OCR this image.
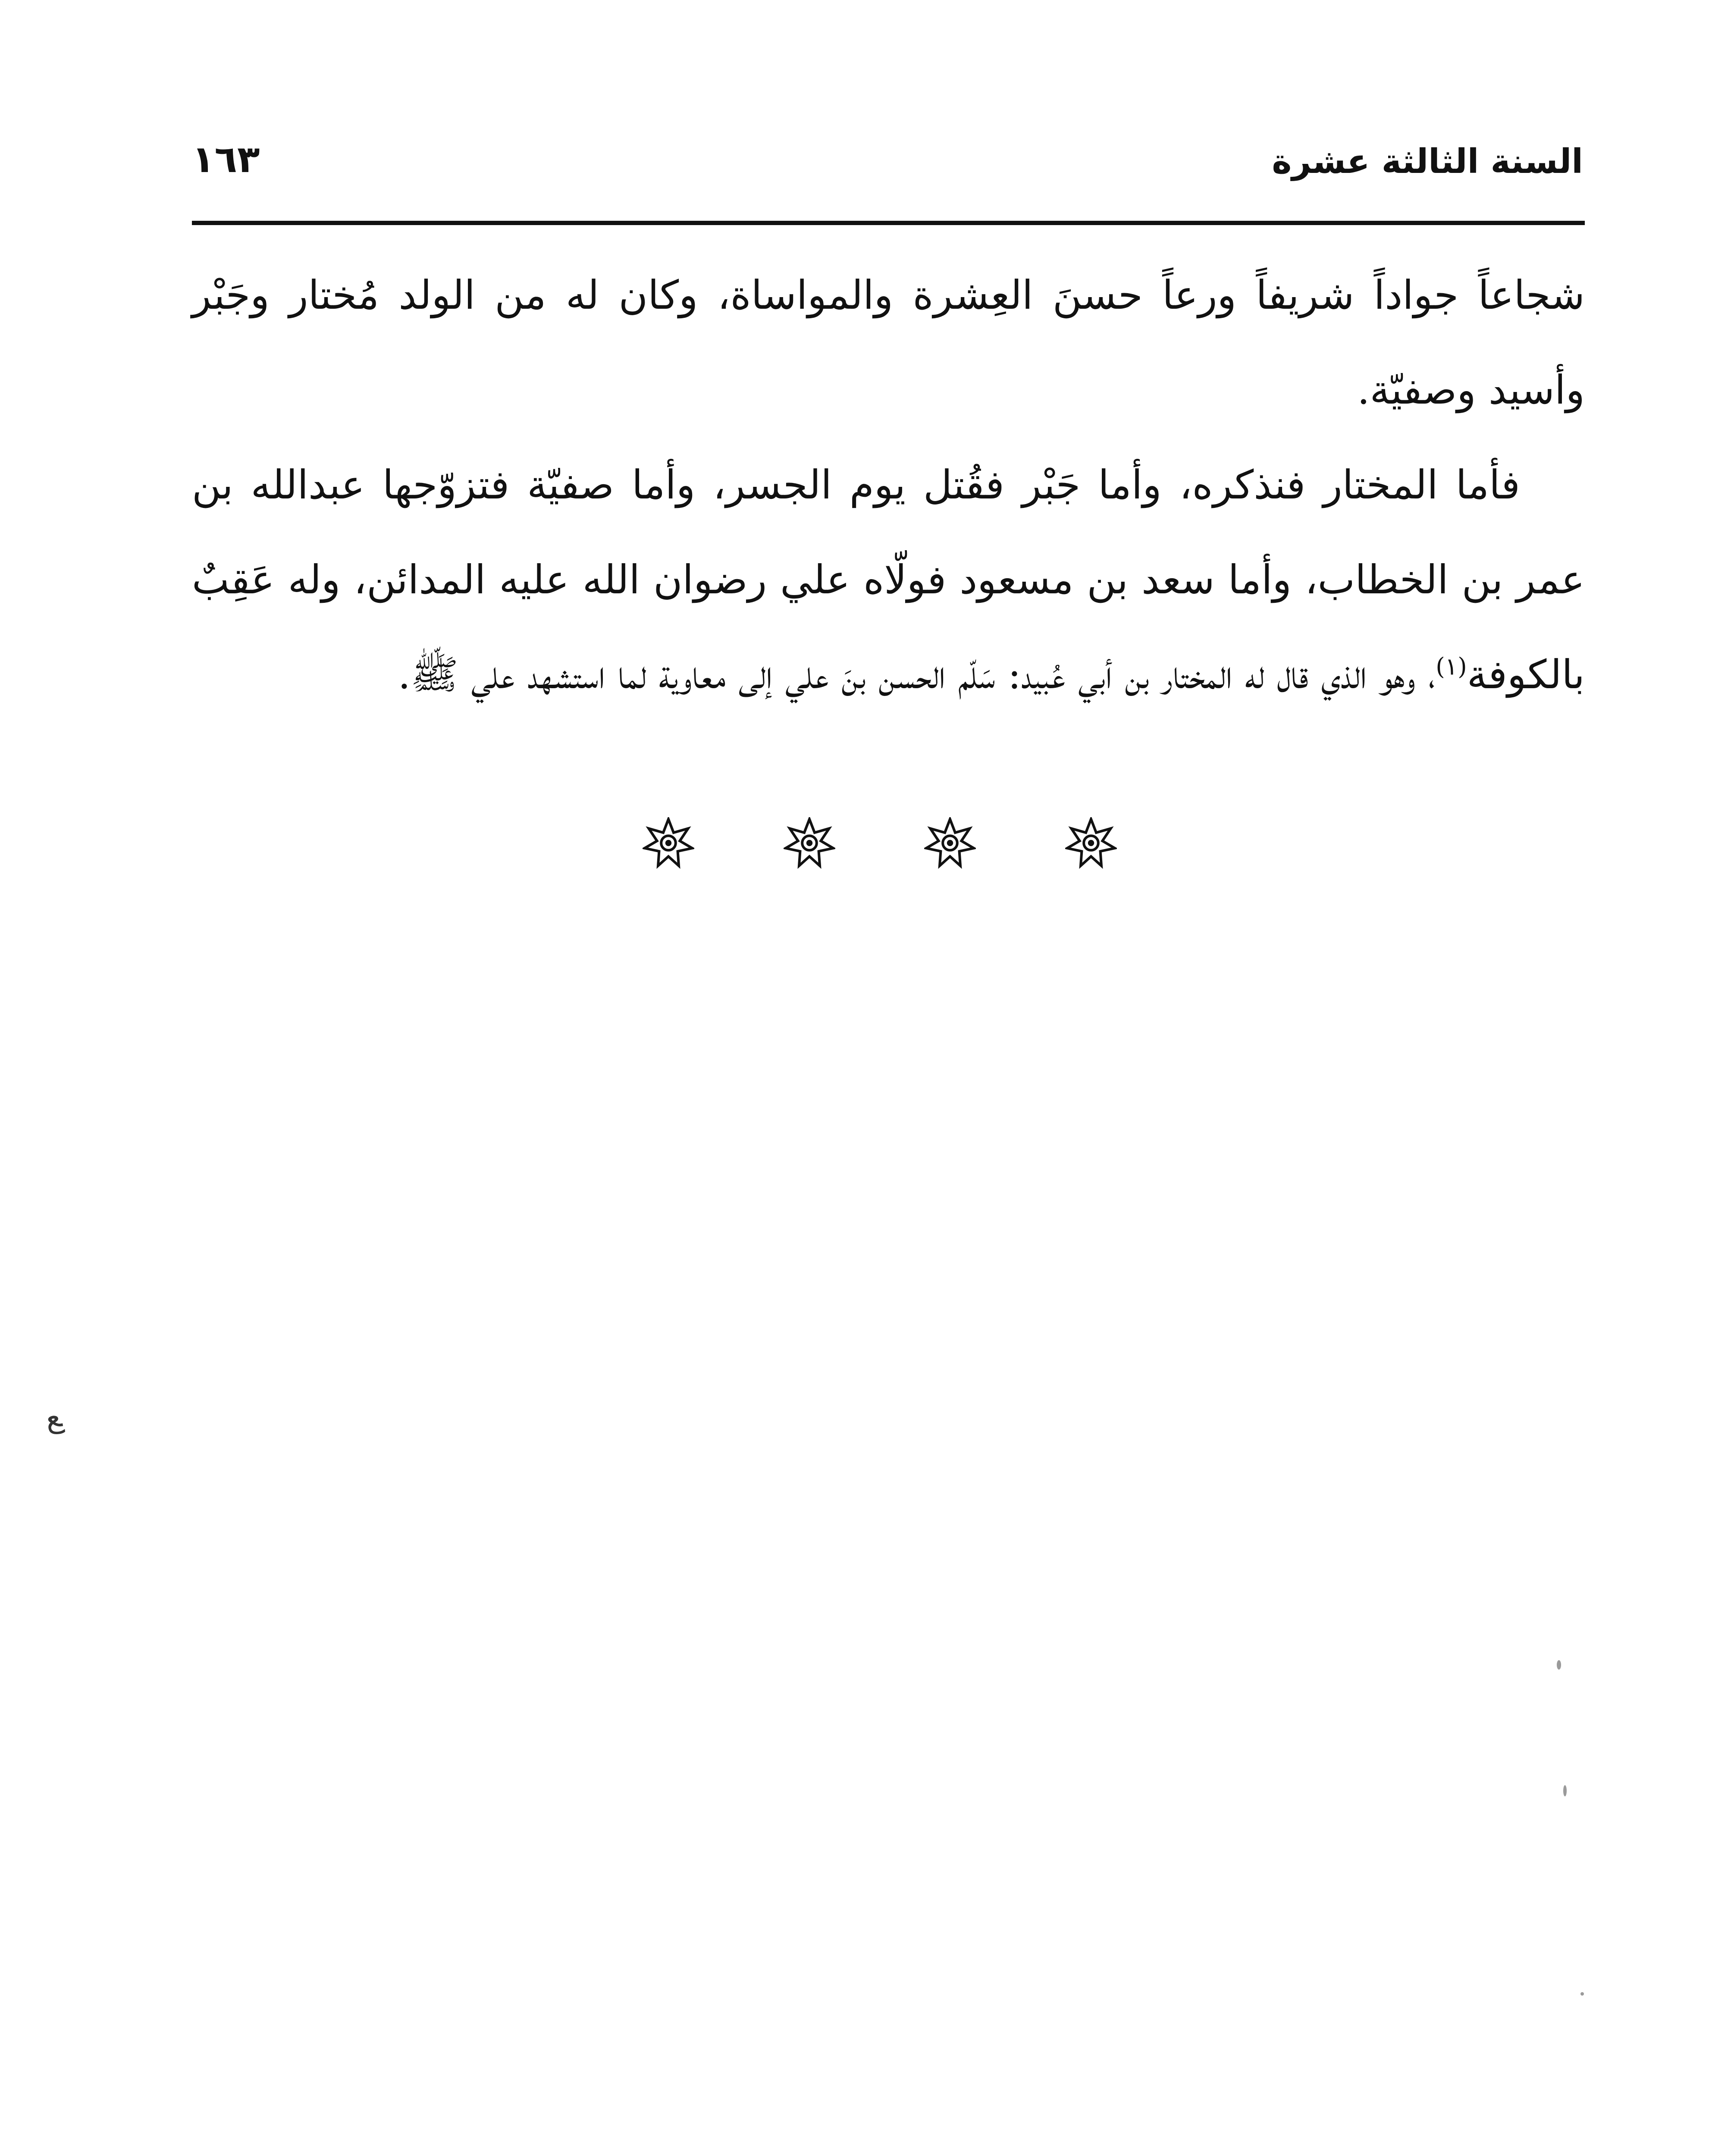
السنة الثالثة عشرة
١٦٣

شجاعاً جواداً شريفاً ورعاً حسنَ العِشرة والمواساة، وكان له من الولد مُختار وجَبْر وأسيد وصفيّة.

فأما المختار فنذكره، وأما جَبْر فقُتل يوم الجسر، وأما صفيّة فتزوّجها عبدالله بن عمر بن الخطاب، وأما سعد بن مسعود فولّاه علي رضوان الله عليه المدائن، وله عَقِبٌ بالكوفة$^{(١)}$، وهو الذي قال له المختار بن أبي عُبيد: سَلّم الحسن بنَ علي إلى معاوية لما استشهد علي ﷺ.

ﻊ
